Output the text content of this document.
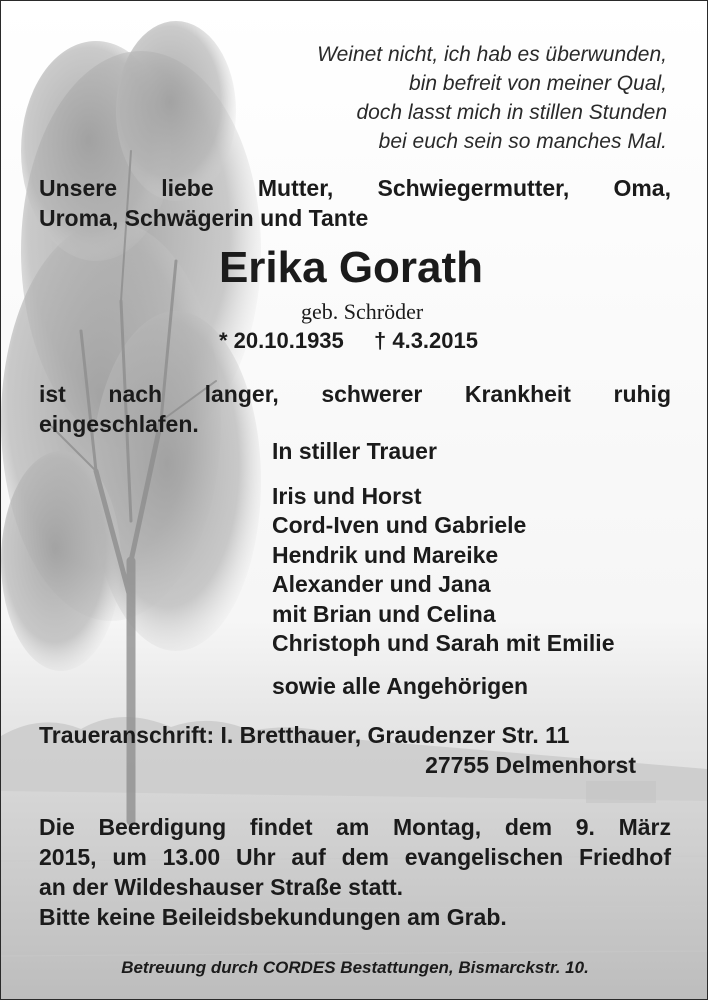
Weinet nicht, ich hab es überwunden,
bin befreit von meiner Qual,
doch lasst mich in stillen Stunden
bei euch sein so manches Mal.
Unsere liebe Mutter, Schwiegermutter, Oma,
Uroma, Schwägerin und Tante
Erika Gorath
geb. Schröder
* 20.10.1935 † 4.3.2015
ist nach langer, schwerer Krankheit ruhig
eingeschlafen.
In stiller Trauer
Iris und Horst
Cord-Iven und Gabriele
Hendrik und Mareike
Alexander und Jana
mit Brian und Celina
Christoph und Sarah mit Emilie
sowie alle Angehörigen
Traueranschrift: I. Bretthauer, Graudenzer Str. 11
27755 Delmenhorst
Die Beerdigung findet am Montag, dem 9. März
2015, um 13.00 Uhr auf dem evangelischen Friedhof
an der Wildeshauser Straße statt.
Bitte keine Beileidsbekundungen am Grab.
Betreuung durch CORDES Bestattungen, Bismarckstr. 10.
